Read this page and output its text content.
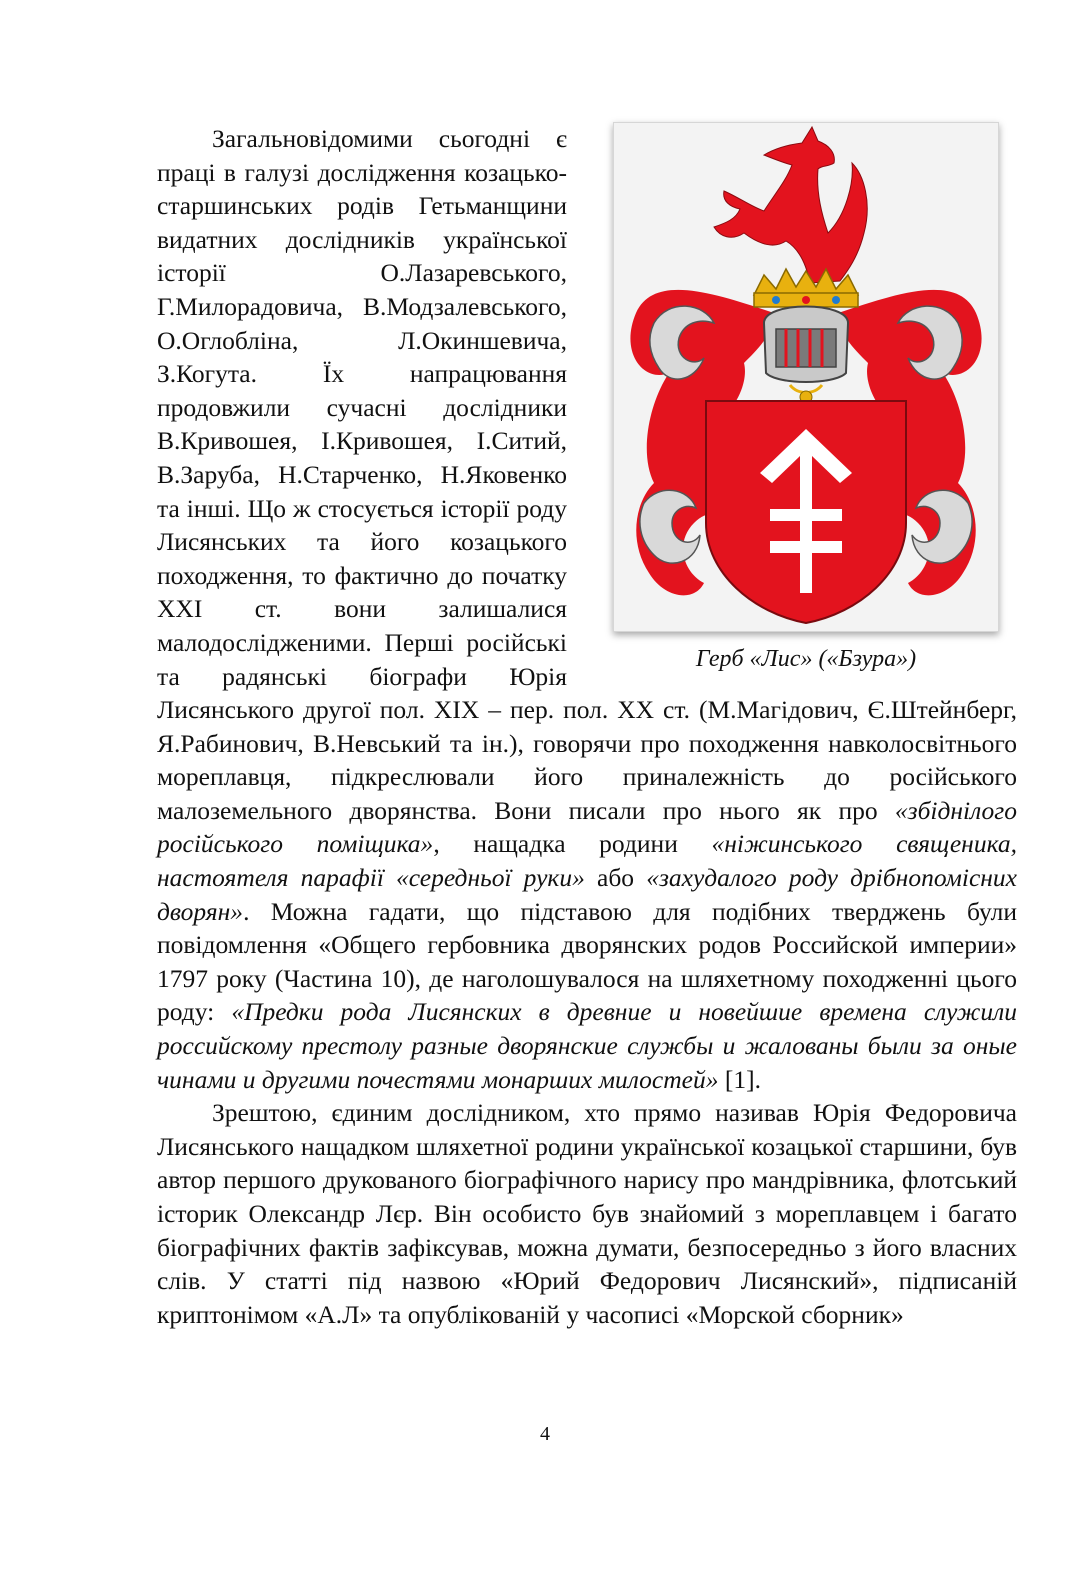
Герб «Лис» («Бзура»)

Загальновідомими сьогодні є праці в галузі дослідження козацько-старшинських родів Гетьманщини видатних дослідників української історії О.Лазаревського, Г.Милорадовича, В.Модзалевського, О.Оглобліна, Л.Окиншевича, З.Когута. Їх напрацювання продовжили сучасні дослідники В.Кривошея, І.Кривошея, І.Ситий, В.Заруба, Н.Старченко, Н.Яковенко та інші. Що ж стосується історії роду Лисянських та його козацького походження, то фактично до початку XXI ст. вони залишалися малодослідженими. Перші російські та радянські біографи Юрія Лисянського другої пол. XIX – пер. пол. XX ст. (М.Магідович, Є.Штейнберг, Я.Рабинович, В.Невський та ін.), говорячи про походження навколосвітнього мореплавця, підкреслювали його приналежність до російського малоземельного дворянства. Вони писали про нього як про «збіднілого російського поміщика», нащадка родини «ніжинського священика, настоятеля парафії «середньої руки» або «захудалого роду дрібнопомісних дворян». Можна гадати, що підставою для подібних тверджень були повідомлення «Общего гербовника дворянских родов Российской империи» 1797 року (Частина 10), де наголошувалося на шляхетному походженні цього роду: «Предки рода Лисянских в древние и новейшие времена служили российскому престолу разные дворянские службы и жалованы были за оные чинами и другими почестями монарших милостей» [1].

Зрештою, єдиним дослідником, хто прямо називав Юрія Федоровича Лисянського нащадком шляхетної родини української козацької старшини, був автор першого друкованого біографічного нарису про мандрівника, флотський історик Олександр Лєр. Він особисто був знайомий з мореплавцем і багато біографічних фактів зафіксував, можна думати, безпосередньо з його власних слів. У статті під назвою «Юрий Федорович Лисянский», підписаній криптонімом «А.Л» та опублікованій у часописі «Морской сборник»

4
